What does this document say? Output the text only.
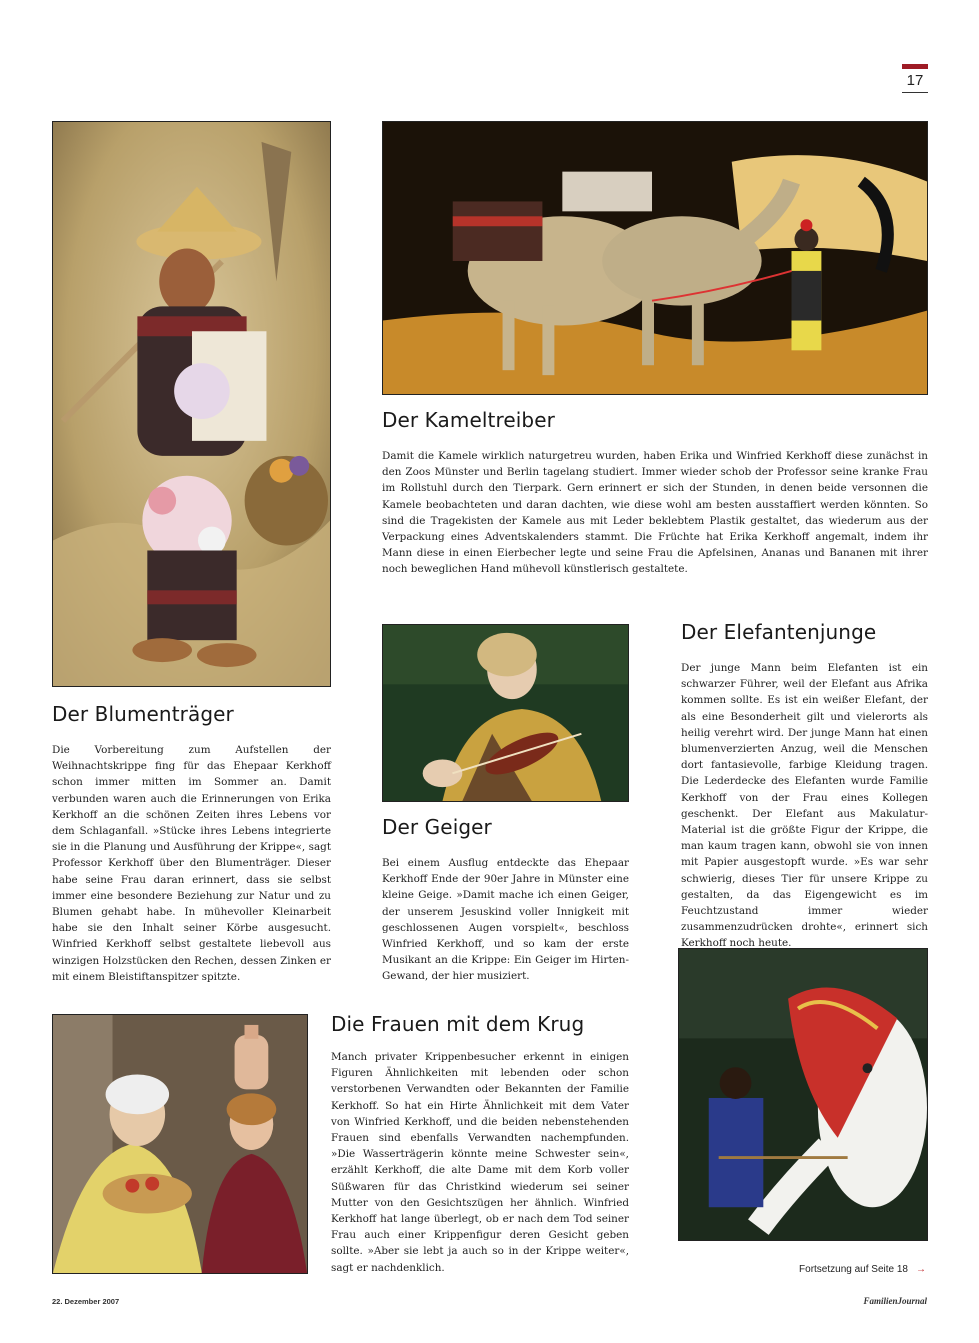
17
Der Kameltreiber

Damit die Kamele wirklich naturgetreu wurden, haben Erika und Winfried Kerkhoff diese zunächst in den Zoos Münster und Berlin tagelang studiert. Immer wieder schob der Professor seine kranke Frau im Rollstuhl durch den Tierpark. Gern erinnert er sich der Stunden, in denen beide versonnen die Kamele beobachteten und daran dachten, wie diese wohl am besten ausstaffiert werden könnten. So sind die Tragekisten der Kamele aus mit Leder beklebtem Plastik gestaltet, das wiederum aus der Verpackung eines Adventskalenders stammt. Die Früchte hat Erika Kerkhoff angemalt, indem ihr Mann diese in einen Eierbecher legte und seine Frau die Apfelsinen, Ananas und Bananen mit ihrer noch beweglichen Hand mühevoll künstlerisch gestaltete.

Der Geiger

Bei einem Ausflug entdeckte das Ehepaar Kerkhoff Ende der 90er Jahre in Münster eine kleine Geige. »Damit mache ich einen Geiger, der unserem Jesuskind voller Innigkeit mit geschlossenen Augen vorspielt«, beschloss Winfried Kerkhoff, und so kam der erste Musikant an die Krippe: Ein Geiger im Hirten-Gewand, der hier musiziert.

Der Elefantenjunge

Der junge Mann beim Elefanten ist ein schwarzer Führer, weil der Elefant aus Afrika kommen sollte. Es ist ein weißer Elefant, der als eine Besonderheit gilt und vielerorts als heilig verehrt wird. Der junge Mann hat einen blumenverzierten Anzug, weil die Menschen dort fantasievolle, farbige Kleidung tragen. Die Lederdecke des Elefanten wurde Familie Kerkhoff von der Frau eines Kollegen geschenkt. Der Elefant aus Makulatur-Material ist die größte Figur der Krippe, die man kaum tragen kann, obwohl sie von innen mit Papier ausgestopft wurde. »Es war sehr schwierig, dieses Tier für unsere Krippe zu gestalten, da das Eigengewicht es im Feuchtzustand immer wieder zusammenzudrücken drohte«, erinnert sich Kerkhoff noch heute.

Der Blumenträger

Die Vorbereitung zum Aufstellen der Weihnachtskrippe fing für das Ehepaar Kerkhoff schon immer mitten im Sommer an. Damit verbunden waren auch die Erinnerungen von Erika Kerkhoff an die schönen Zeiten ihres Lebens vor dem Schlaganfall. »Stücke ihres Lebens integrierte sie in die Planung und Ausführung der Krippe«, sagt Professor Kerkhoff über den Blumenträger. Dieser habe seine Frau daran erinnert, dass sie selbst immer eine besondere Beziehung zur Natur und zu Blumen gehabt habe. In mühevoller Kleinarbeit habe sie den Inhalt seiner Körbe ausgesucht. Winfried Kerkhoff selbst gestaltete liebevoll aus winzigen Holzstücken den Rechen, dessen Zinken er mit einem Bleistiftanspitzer spitzte.

Die Frauen mit dem Krug

Manch privater Krippenbesucher erkennt in einigen Figuren Ähnlichkeiten mit lebenden oder schon verstorbenen Verwandten oder Bekannten der Familie Kerkhoff. So hat ein Hirte Ähnlichkeit mit dem Vater von Winfried Kerkhoff, und die beiden nebenstehenden Frauen sind ebenfalls Verwandten nachempfunden. »Die Wasserträgerin könnte meine Schwester sein«, erzählt Kerkhoff, die alte Dame mit dem Korb voller Süßwaren für das Christkind wiederum sei seiner Mutter von den Gesichtszügen her ähnlich. Winfried Kerkhoff hat lange überlegt, ob er nach dem Tod seiner Frau auch einer Krippenfigur deren Gesicht geben sollte. »Aber sie lebt ja auch so in der Krippe weiter«, sagt er nachdenklich.	Fortsetzung auf Seite 18 →
22. Dezember 2007	FamilienJournal
